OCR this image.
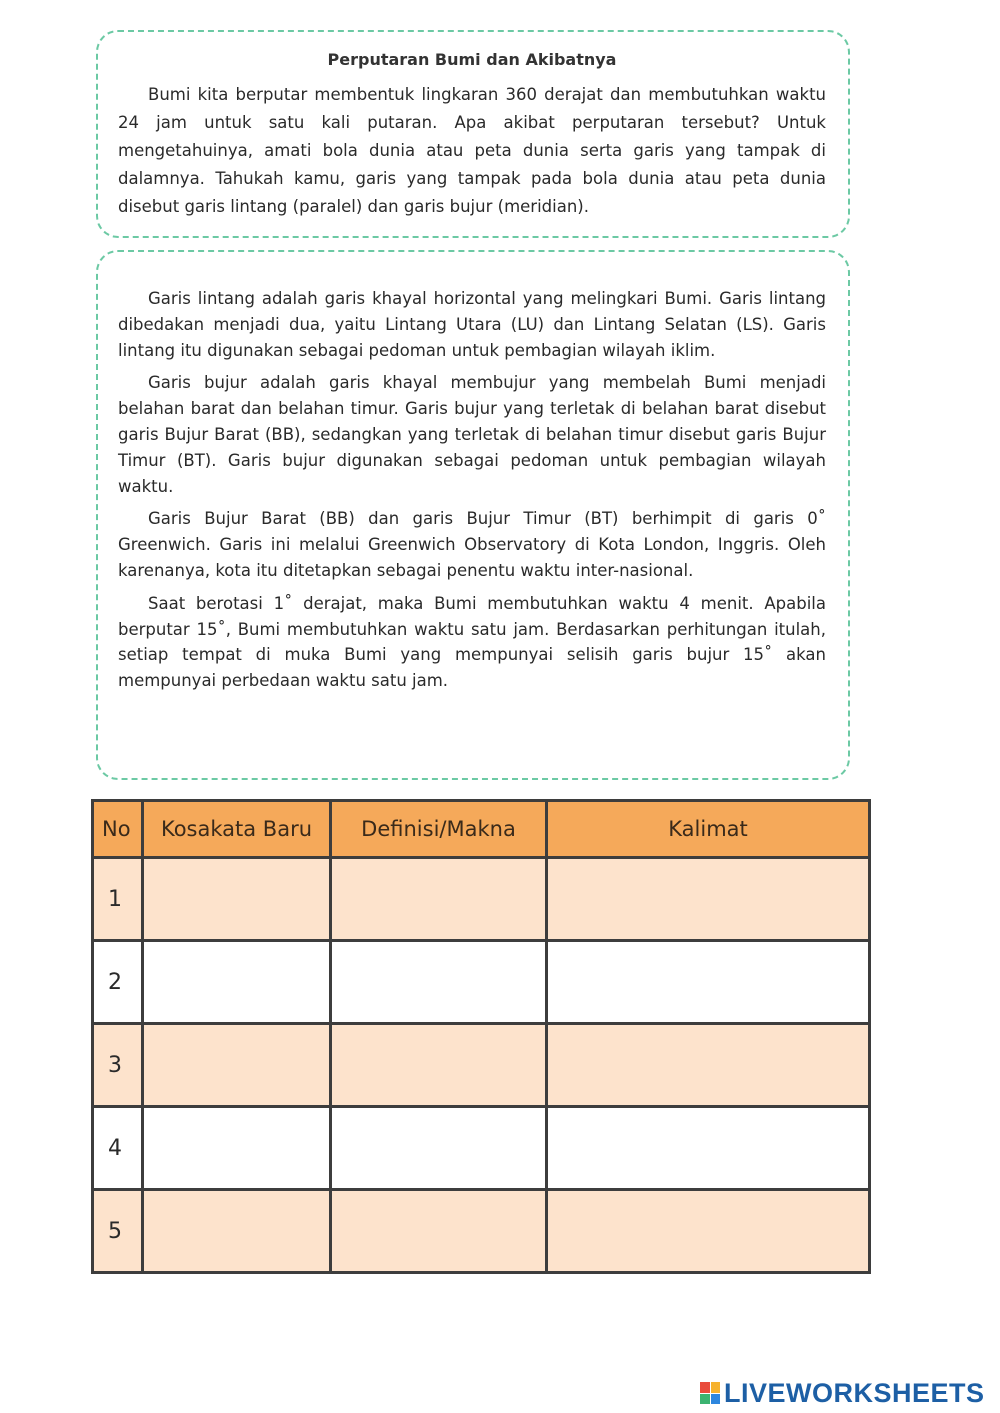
Perputaran Bumi dan Akibatnya

Bumi kita berputar membentuk lingkaran 360 derajat dan membutuhkan waktu 24 jam untuk satu kali putaran. Apa akibat perputaran tersebut? Untuk mengetahuinya, amati bola dunia atau peta dunia serta garis yang tampak di dalamnya. Tahukah kamu, garis yang tampak pada bola dunia atau peta dunia disebut garis lintang (paralel) dan garis bujur (meridian).

Garis lintang adalah garis khayal horizontal yang melingkari Bumi. Garis lintang dibedakan menjadi dua, yaitu Lintang Utara (LU) dan Lintang Selatan (LS). Garis lintang itu digunakan sebagai pedoman untuk pembagian wilayah iklim.

Garis bujur adalah garis khayal membujur yang membelah Bumi menjadi belahan barat dan belahan timur. Garis bujur yang terletak di belahan barat disebut garis Bujur Barat (BB), sedangkan yang terletak di belahan timur disebut garis Bujur Timur (BT). Garis bujur digunakan sebagai pedoman untuk pembagian wilayah waktu.

Garis Bujur Barat (BB) dan garis Bujur Timur (BT) berhimpit di garis 0˚ Greenwich. Garis ini melalui Greenwich Observatory di Kota London, Inggris. Oleh karenanya, kota itu ditetapkan sebagai penentu waktu inter-nasional.

Saat berotasi 1˚ derajat, maka Bumi membutuhkan waktu 4 menit. Apabila berputar 15˚, Bumi membutuhkan waktu satu jam. Berdasarkan perhitungan itulah, setiap tempat di muka Bumi yang mempunyai selisih garis bujur 15˚ akan mempunyai perbedaan waktu satu jam.

No	Kosakata Baru	Definisi/Makna	Kalimat
1			
2			
3			
4			
5			
LIVEWORKSHEETS
